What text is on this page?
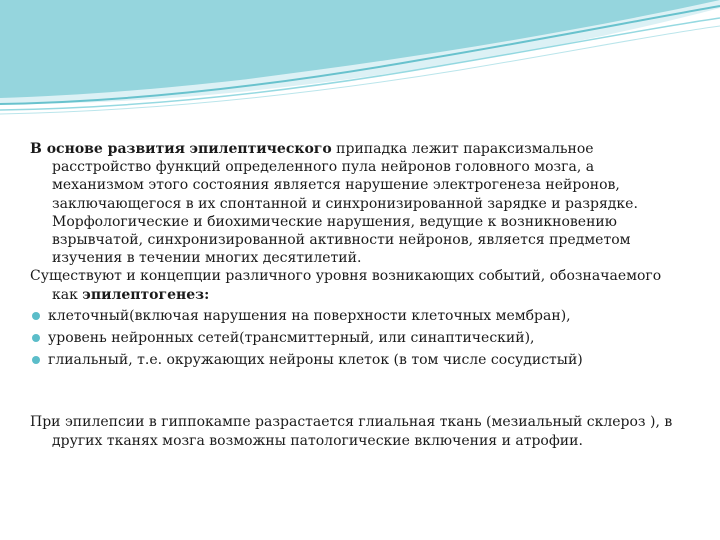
В основе развития эпилептического припадка лежит параксизмальное расстройство функций определенного пула нейронов головного мозга, а механизмом этого состояния является нарушение электрогенеза нейронов, заключающегося в их спонтанной и синхронизированной зарядке и разрядке. Морфологические и биохимические нарушения, ведущие к возникновению взрывчатой, синхронизированной активности нейронов, является предметом изучения в течении многих десятилетий.

Существуют и концепции различного уровня возникающих событий, обозначаемого как эпилептогенез:

клеточный(включая нарушения на поверхности клеточных мембран),
уровень нейронных сетей(трансмиттерный, или синаптический),
глиальный, т.е. окружающих нейроны клеток (в том числе сосудистый)

При эпилепсии в гиппокампе разрастается глиальная ткань (мезиальный склероз ), в других тканях мозга возможны патологические включения и атрофии.
